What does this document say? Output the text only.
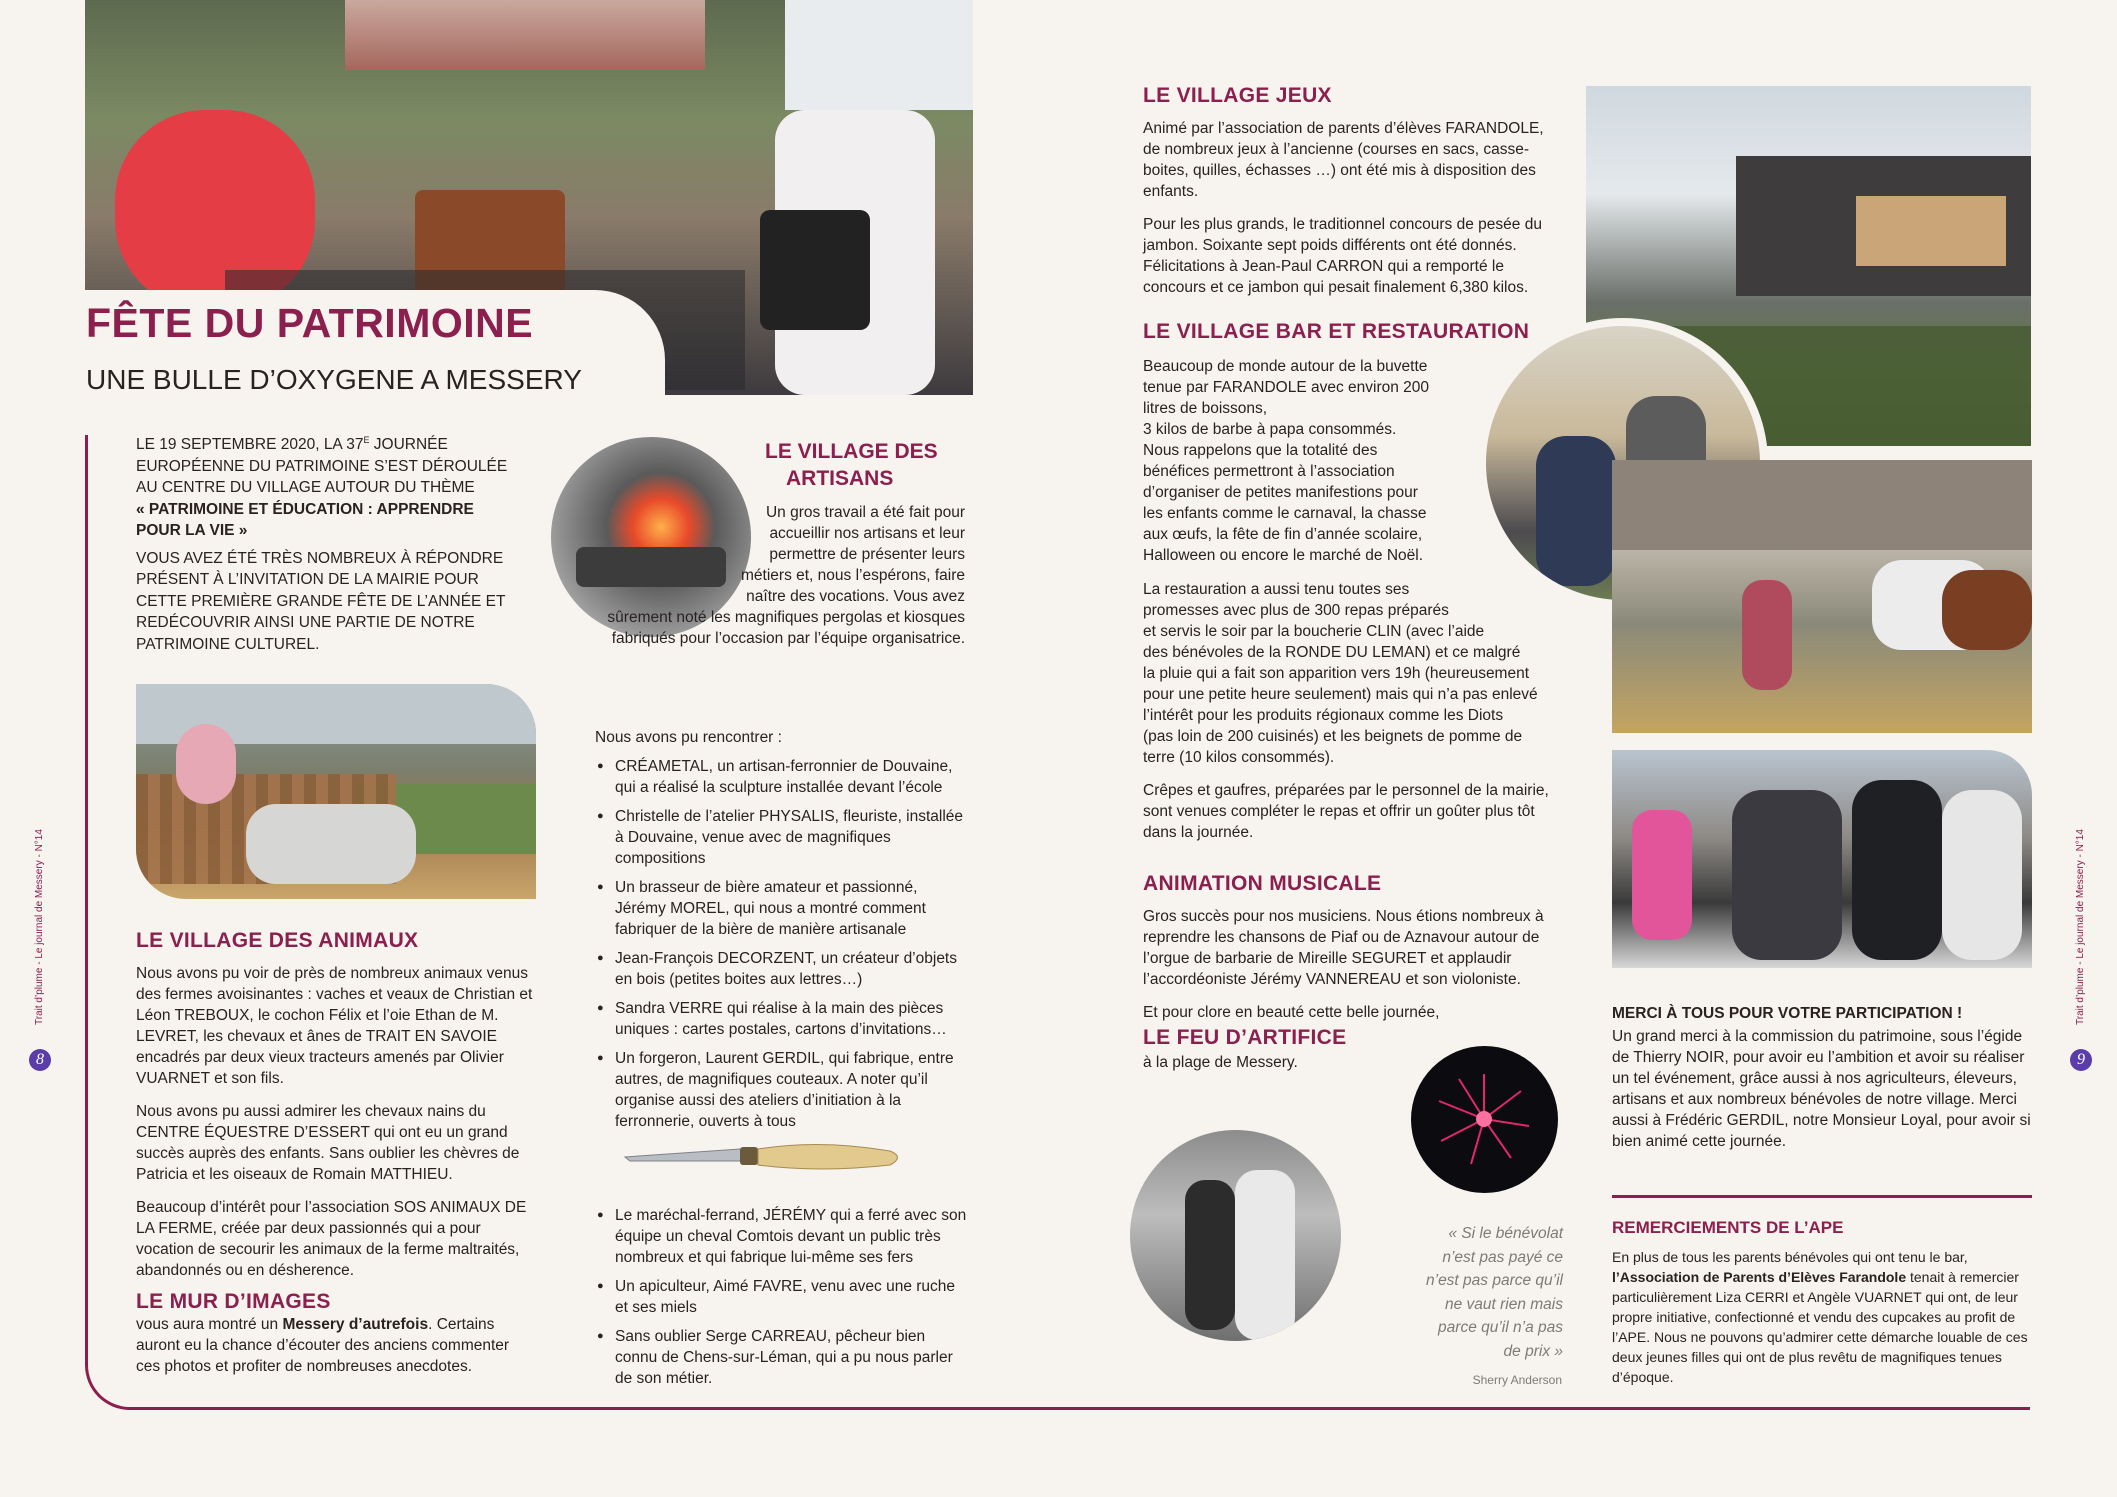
FÊTE DU PATRIMOINE
UNE BULLE D’OXYGENE A MESSERY

LE 19 SEPTEMBRE 2020, LA $37^E$ JOURNÉE EUROPÉENNE DU PATRIMOINE S’EST DÉROULÉE AU CENTRE DU VILLAGE AUTOUR DU THÈME
« PATRIMOINE ET ÉDUCATION : APPRENDRE POUR LA VIE »

VOUS AVEZ ÉTÉ TRÈS NOMBREUX À RÉPONDRE PRÉSENT À L’INVITATION DE LA MAIRIE POUR CETTE PREMIÈRE GRANDE FÊTE DE L’ANNÉE ET REDÉCOUVRIR AINSI UNE PARTIE DE NOTRE PATRIMOINE CULTUREL.

LE VILLAGE DES ANIMAUX

Nous avons pu voir de près de nombreux animaux venus des fermes avoisinantes : vaches et veaux de Christian et Léon TREBOUX, le cochon Félix et l’oie Ethan de M. LEVRET, les chevaux et ânes de TRAIT EN SAVOIE encadrés par deux vieux tracteurs amenés par Olivier VUARNET et son fils.

Nous avons pu aussi admirer les chevaux nains du CENTRE ÉQUESTRE D’ESSERT qui ont eu un grand succès auprès des enfants. Sans oublier les chèvres de Patricia et les oiseaux de Romain MATTHIEU.

Beaucoup d’intérêt pour l’association SOS ANIMAUX DE LA FERME, créée par deux passionnés qui a pour vocation de secourir les animaux de la ferme maltraités, abandonnés ou en désherence.

LE MUR D’IMAGES

vous aura montré un Messery d’autrefois. Certains auront eu la chance d’écouter des anciens commenter ces photos et profiter de nombreuses anecdotes.

LE VILLAGE DES
ARTISANS

Un gros travail a été fait pour accueillir nos artisans et leur permettre de présenter leurs métiers et, nous l’espérons, faire naître des vocations. Vous avez sûrement noté les magnifiques pergolas et kiosques fabriqués pour l’occasion par l’équipe organisatrice.

Nous avons pu rencontrer :

● CRÉAMETAL, un artisan-ferronnier de Douvaine, qui a réalisé la sculpture installée devant l’école
● Christelle de l’atelier PHYSALIS, fleuriste, installée à Douvaine, venue avec de magnifiques compositions
● Un brasseur de bière amateur et passionné, Jérémy MOREL, qui nous a montré comment fabriquer de la bière de manière artisanale
● Jean-François DECORZENT, un créateur d’objets en bois (petites boites aux lettres…)
● Sandra VERRE qui réalise à la main des pièces uniques : cartes postales, cartons d’invitations…
● Un forgeron, Laurent GERDIL, qui fabrique, entre autres, de magnifiques couteaux. A noter qu’il organise aussi des ateliers d’initiation à la ferronnerie, ouverts à tous
● Le maréchal-ferrand, JÉRÉMY qui a ferré avec son équipe un cheval Comtois devant un public très nombreux et qui fabrique lui-même ses fers
● Un apiculteur, Aimé FAVRE, venu avec une ruche et ses miels
● Sans oublier Serge CARREAU, pêcheur bien connu de Chens-sur-Léman, qui a pu nous parler de son métier.
Trait d’plume - Le journal de Messery - N°14
8
LE VILLAGE JEUX

Animé par l’association de parents d’élèves FARANDOLE, de nombreux jeux à l’ancienne (courses en sacs, casse-boites, quilles, échasses …) ont été mis à disposition des enfants.

Pour les plus grands, le traditionnel concours de pesée du jambon. Soixante sept poids différents ont été donnés. Félicitations à Jean-Paul CARRON qui a remporté le concours et ce jambon qui pesait finalement 6,380 kilos.

LE VILLAGE BAR ET RESTAURATION
Beaucoup de monde autour de la buvette
tenue par FARANDOLE avec environ 200
litres de boissons,
3 kilos de barbe à papa consommés.
Nous rappelons que la totalité des
bénéfices permettront à l’association
d’organiser de petites manifestions pour
les enfants comme le carnaval, la chasse
aux œufs, la fête de fin d’année scolaire,
Halloween ou encore le marché de Noël.
La restauration a aussi tenu toutes ses
promesses avec plus de 300 repas préparés
et servis le soir par la boucherie CLIN (avec l’aide
des bénévoles de la RONDE DU LEMAN) et ce malgré
la pluie qui a fait son apparition vers 19h (heureusement
pour une petite heure seulement) mais qui n’a pas enlevé
l’intérêt pour les produits régionaux comme les Diots
(pas loin de 200 cuisinés) et les beignets de pomme de
terre (10 kilos consommés).

Crêpes et gaufres, préparées par le personnel de la mairie, sont venues compléter le repas et offrir un goûter plus tôt dans la journée.

ANIMATION MUSICALE

Gros succès pour nos musiciens. Nous étions nombreux à reprendre les chansons de Piaf ou de Aznavour autour de l’orgue de barbarie de Mireille SEGURET et applaudir l’accordéoniste Jérémy VANNEREAU et son violoniste.

Et pour clore en beauté cette belle journée,

LE FEU D’ARTIFICE

à la plage de Messery.

« Si le bénévolat
n’est pas payé ce
n’est pas parce qu’il
ne vaut rien mais
parce qu’il n’a pas
de prix »
Sherry Anderson
MERCI À TOUS POUR VOTRE PARTICIPATION !

Un grand merci à la commission du patrimoine, sous l’égide de Thierry NOIR, pour avoir eu l’ambition et avoir su réaliser un tel événement, grâce aussi à nos agriculteurs, éleveurs, artisans et aux nombreux bénévoles de notre village. Merci aussi à Frédéric GERDIL, notre Monsieur Loyal, pour avoir si bien animé cette journée.

REMERCIEMENTS DE L’APE

En plus de tous les parents bénévoles qui ont tenu le bar, l’Association de Parents d’Elèves Farandole tenait à remercier particulièrement Liza CERRI et Angèle VUARNET qui ont, de leur propre initiative, confectionné et vendu des cupcakes au profit de l’APE. Nous ne pouvons qu’admirer cette démarche louable de ces deux jeunes filles qui ont de plus revêtu de magnifiques tenues d’époque.

Trait d’plume - Le journal de Messery - N°14
9
